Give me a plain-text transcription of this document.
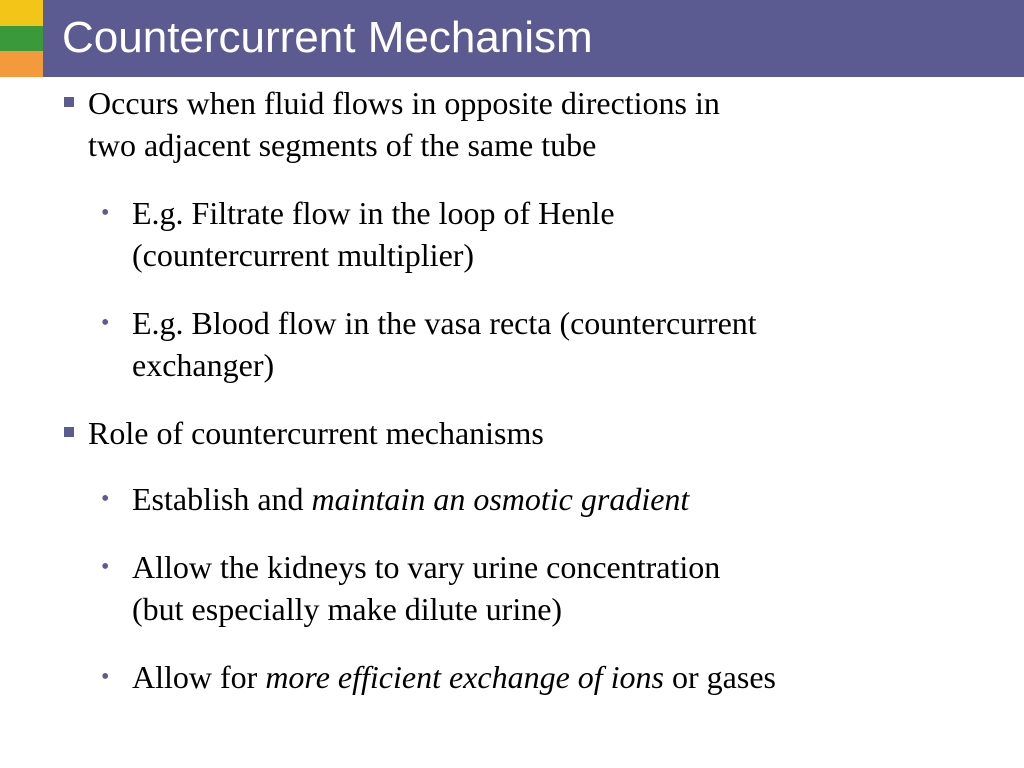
Countercurrent Mechanism
Occurs when fluid flows in opposite directions in
two adjacent segments of the same tube
• E.g. Filtrate flow in the loop of Henle
(countercurrent multiplier)
• E.g. Blood flow in the vasa recta (countercurrent
exchanger)
Role of countercurrent mechanisms
• Establish and maintain an osmotic gradient
• Allow the kidneys to vary urine concentration
(but especially make dilute urine)
• Allow for more efficient exchange of ions or gases
